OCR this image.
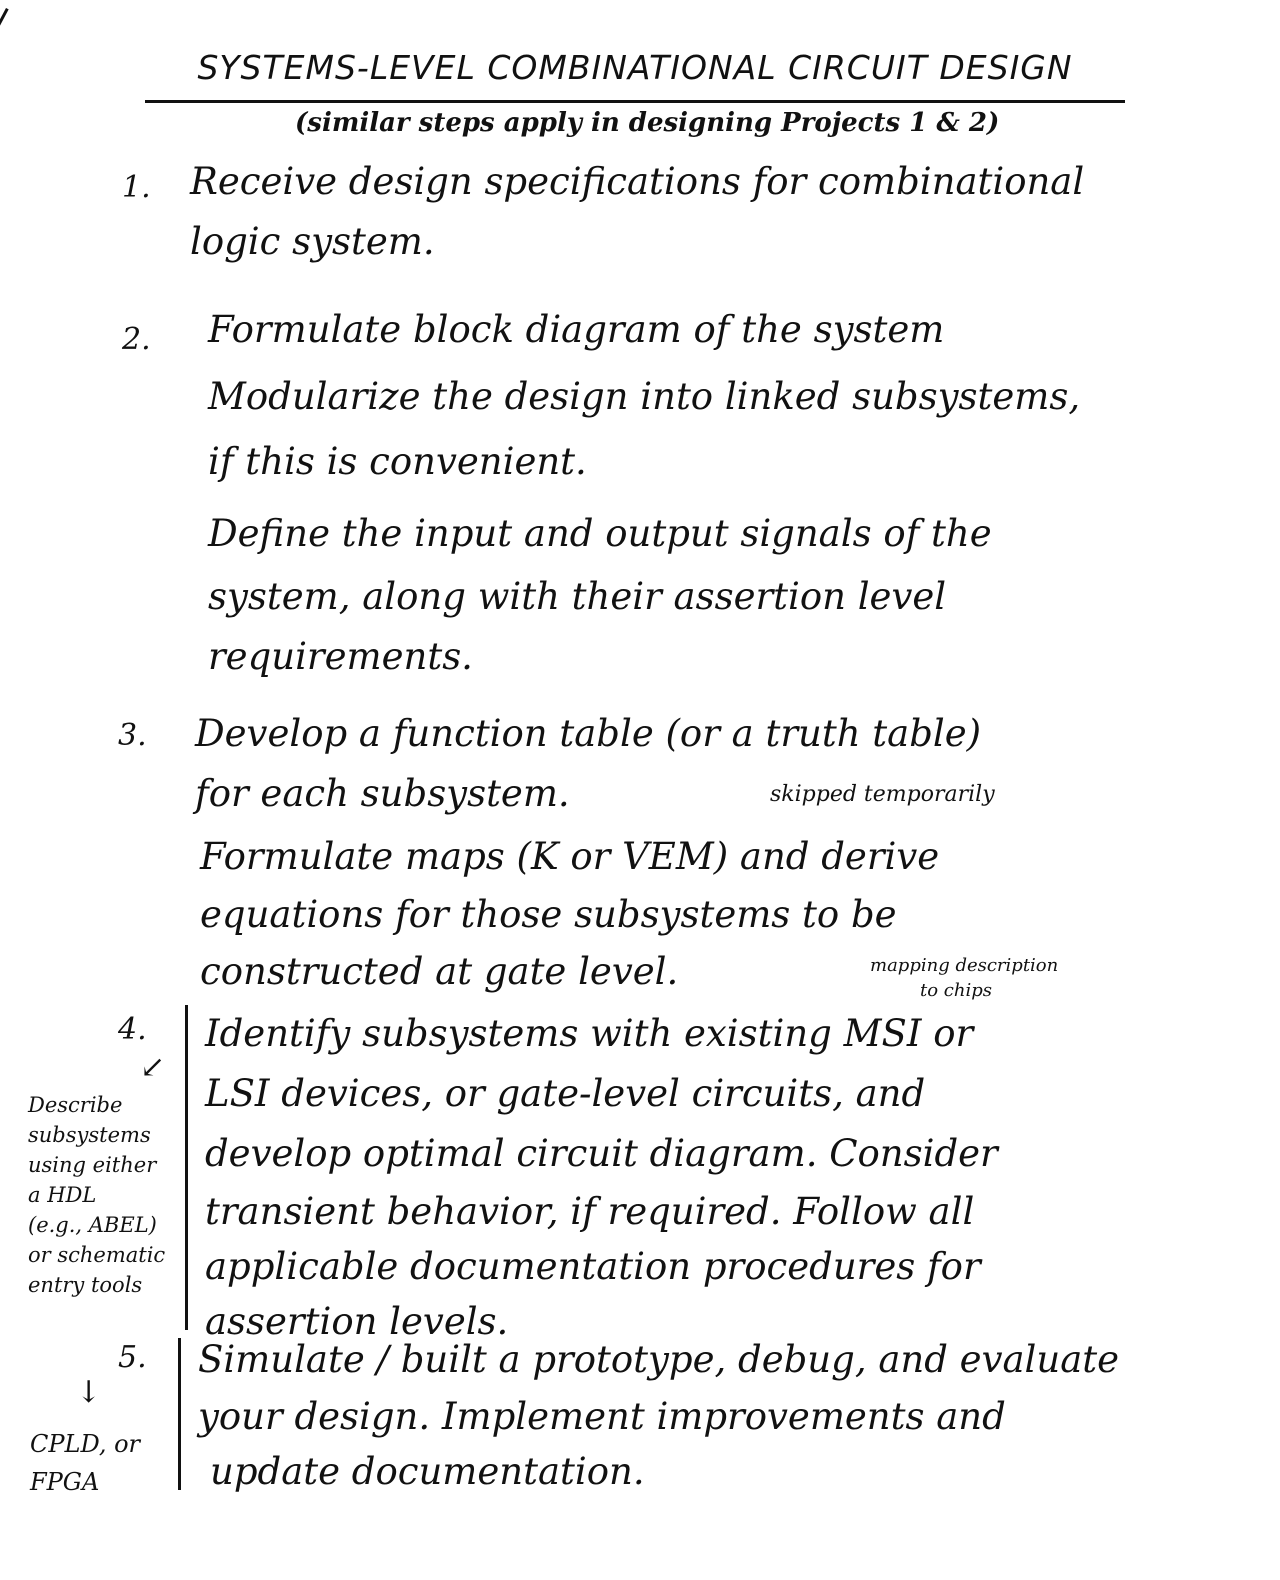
SYSTEMS-LEVEL COMBINATIONAL CIRCUIT DESIGN
(similar steps apply in designing Projects 1 & 2)
1. Receive design specifications for combinational
logic system.
2. Formulate block diagram of the system
Modularize the design into linked subsystems,
if this is convenient.
Define the input and output signals of the
system, along with their assertion level
requirements.
3. Develop a function table (or a truth table)
for each subsystem.	skipped temporarily
Formulate maps (K or VEM) and derive
equations for those subsystems to be
constructed at gate level.	mapping description
to chips
4. Identify subsystems with existing MSI or
LSI devices, or gate-level circuits, and
develop optimal circuit diagram. Consider
transient behavior, if required. Follow all
applicable documentation procedures for
assertion levels.
↙
Describe
subsystems
using either
a HDL
(e.g., ABEL)
or schematic
entry tools
↓
CPLD, or
FPGA
5. Simulate / built a prototype, debug, and evaluate
your design. Implement improvements and
update documentation.
